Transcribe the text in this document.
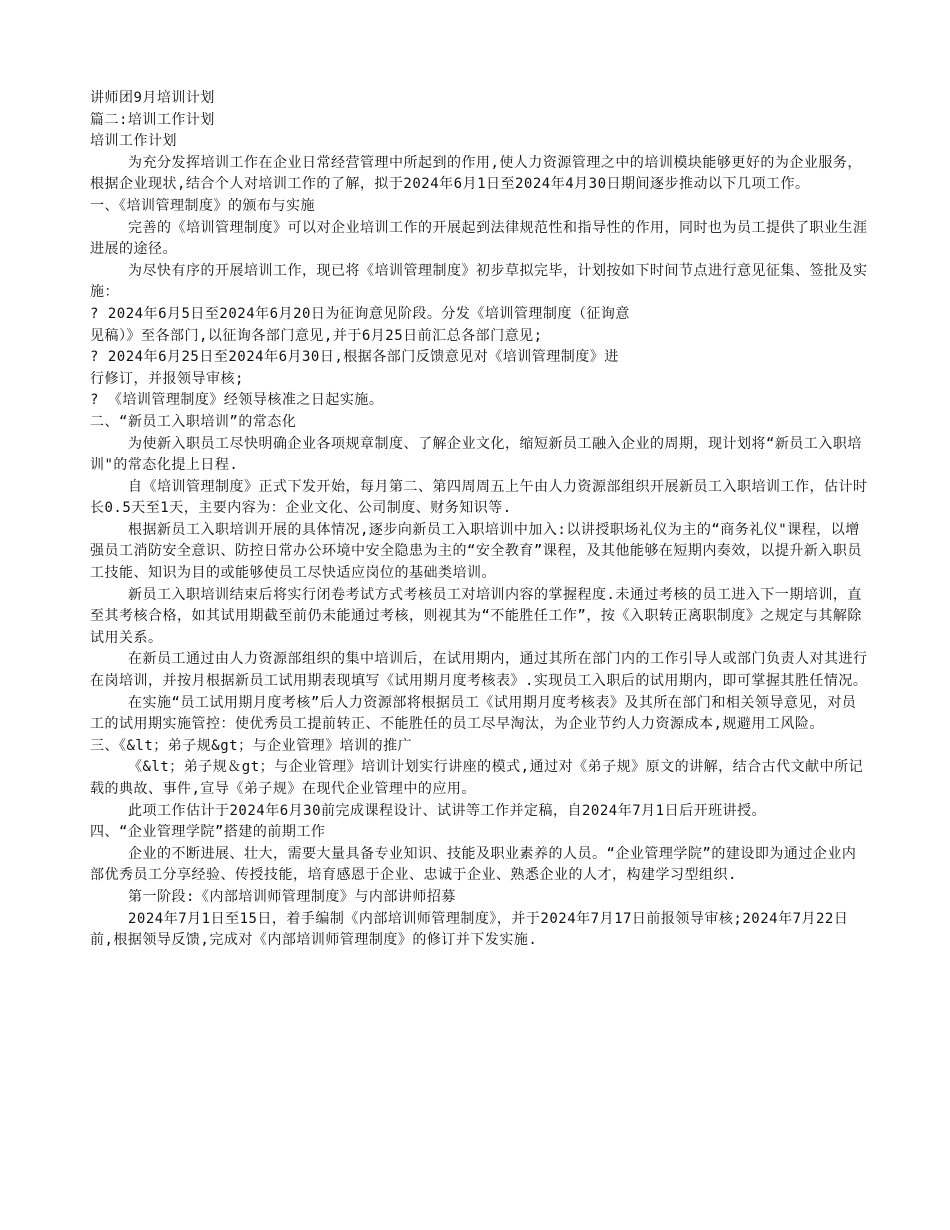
讲师团9月培训计划

篇二:培训工作计划

培训工作计划

为充分发挥培训工作在企业日常经营管理中所起到的作用,使人力资源管理之中的培训模块能够更好的为企业服务，根据企业现状,结合个人对培训工作的了解，拟于2024年6月1日至2024年4月30日期间逐步推动以下几项工作。

一、《培训管理制度》的颁布与实施

完善的《培训管理制度》可以对企业培训工作的开展起到法律规范性和指导性的作用，同时也为员工提供了职业生涯进展的途径。

为尽快有序的开展培训工作，现已将《培训管理制度》初步草拟完毕，计划按如下时间节点进行意见征集、签批及实施：

? 2024年6月5日至2024年6月20日为征询意见阶段。分发《培训管理制度（征询意

见稿）》至各部门,以征询各部门意见,并于6月25日前汇总各部门意见;

? 2024年6月25日至2024年6月30日,根据各部门反馈意见对《培训管理制度》进

行修订，并报领导审核;

? 《培训管理制度》经领导核准之日起实施。

二、“新员工入职培训”的常态化

为使新入职员工尽快明确企业各项规章制度、了解企业文化，缩短新员工融入企业的周期，现计划将“新员工入职培训"的常态化提上日程.

自《培训管理制度》正式下发开始，每月第二、第四周周五上午由人力资源部组织开展新员工入职培训工作，估计时长0.5天至1天，主要内容为：企业文化、公司制度、财务知识等.

根据新员工入职培训开展的具体情况,逐步向新员工入职培训中加入:以讲授职场礼仪为主的“商务礼仪"课程，以增强员工消防安全意识、防控日常办公环境中安全隐患为主的“安全教育”课程，及其他能够在短期内奏效，以提升新入职员工技能、知识为目的或能够使员工尽快适应岗位的基础类培训。

新员工入职培训结束后将实行闭卷考试方式考核员工对培训内容的掌握程度.未通过考核的员工进入下一期培训，直至其考核合格，如其试用期截至前仍未能通过考核，则视其为“不能胜任工作”，按《入职转正离职制度》之规定与其解除试用关系。

在新员工通过由人力资源部组织的集中培训后，在试用期内，通过其所在部门内的工作引导人或部门负责人对其进行在岗培训，并按月根据新员工试用期表现填写《试用期月度考核表》.实现员工入职后的试用期内，即可掌握其胜任情况。

在实施“员工试用期月度考核”后人力资源部将根据员工《试用期月度考核表》及其所在部门和相关领导意见，对员工的试用期实施管控：使优秀员工提前转正、不能胜任的员工尽早淘汰，为企业节约人力资源成本,规避用工风险。

三、《&lt；弟子规&gt；与企业管理》培训的推广

《&lt；弟子规＆gt；与企业管理》培训计划实行讲座的模式,通过对《弟子规》原文的讲解，结合古代文献中所记载的典故、事件,宣导《弟子规》在现代企业管理中的应用。

此项工作估计于2024年6月30前完成课程设计、试讲等工作并定稿，自2024年7月1日后开班讲授。

四、“企业管理学院”搭建的前期工作

企业的不断进展、壮大，需要大量具备专业知识、技能及职业素养的人员。“企业管理学院”的建设即为通过企业内部优秀员工分享经验、传授技能，培育感恩于企业、忠诚于企业、熟悉企业的人才，构建学习型组织.

第一阶段:《内部培训师管理制度》与内部讲师招募

2024年7月1日至15日，着手编制《内部培训师管理制度》，并于2024年7月17日前报领导审核;2024年7月22日前,根据领导反馈,完成对《内部培训师管理制度》的修订并下发实施.
